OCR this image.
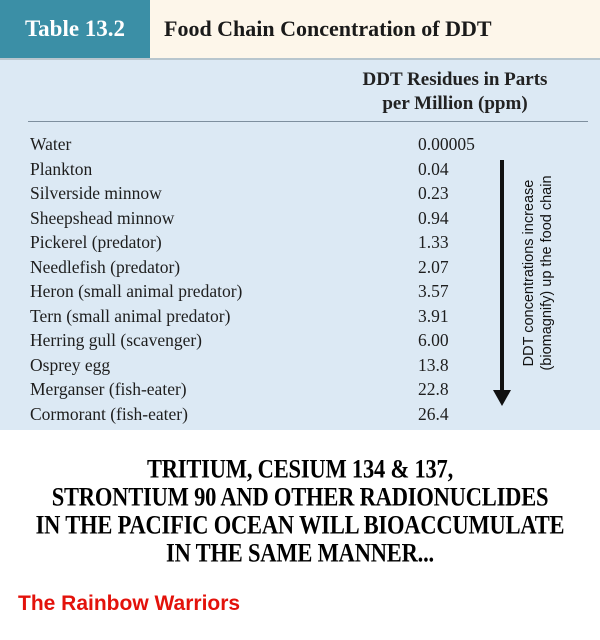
Table 13.2	Food Chain Concentration of DDT
DDT Residues in Parts
per Million (ppm)
Water	0.00005
Plankton	0.04
Silverside minnow	0.23
Sheepshead minnow	0.94
Pickerel (predator)	1.33
Needlefish (predator)	2.07
Heron (small animal predator)	3.57
Tern (small animal predator)	3.91
Herring gull (scavenger)	6.00
Osprey egg	13.8
Merganser (fish-eater)	22.8
Cormorant (fish-eater)	26.4
DDT concentrations increase (biomagnify) up the food chain
TRITIUM, CESIUM 134 & 137,
STRONTIUM 90 AND OTHER RADIONUCLIDES
IN THE PACIFIC OCEAN WILL BIOACCUMULATE
IN THE SAME MANNER...
The Rainbow Warriors
